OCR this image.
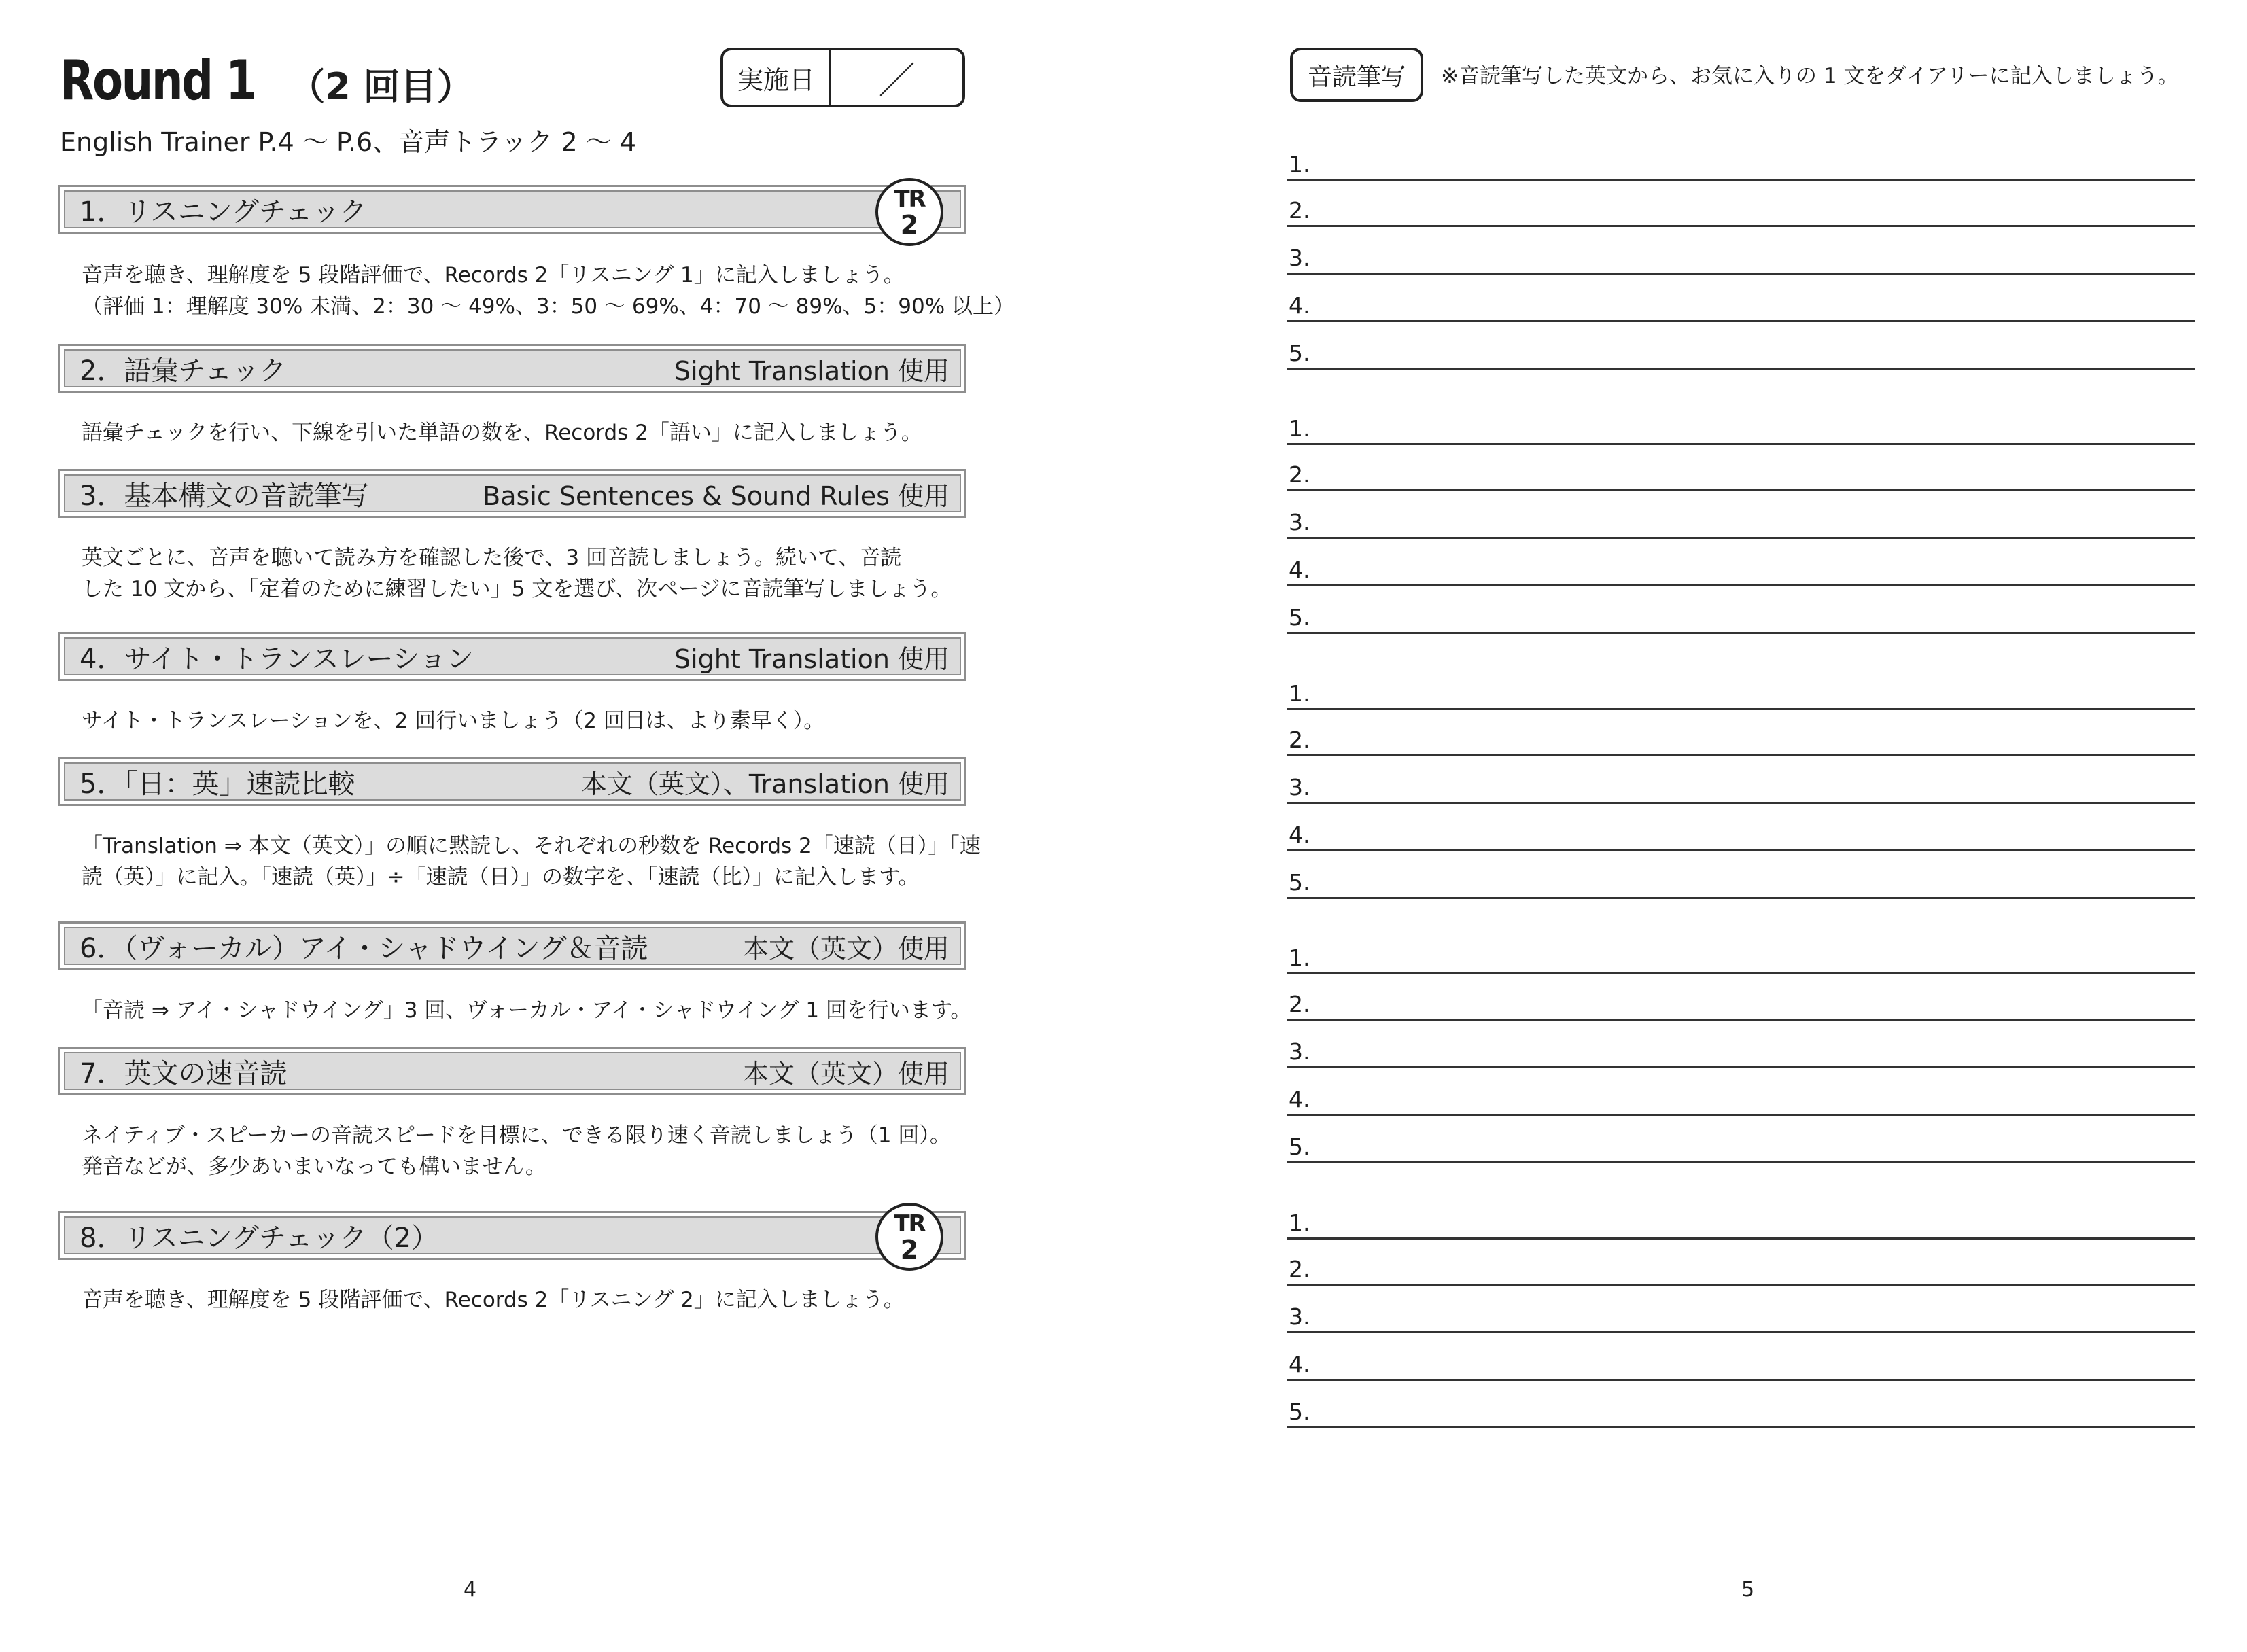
Round 1 （2 回目）
English Trainer P.4 ～ P.6、音声トラック 2 ～ 4
実施日	／
1．リスニングチェック	TR
2
音声を聴き、理解度を 5 段階評価で、Records 2「リスニング 1」に記入しましょう。
（評価 1：理解度 30% 未満、2：30 ～ 49%、3：50 ～ 69%、4：70 ～ 89%、5：90% 以上）
2．語彙チェック	Sight Translation 使用
語彙チェックを行い、下線を引いた単語の数を、Records 2「語い」に記入しましょう。
3．基本構文の音読筆写	Basic Sentences & Sound Rules 使用
英文ごとに、音声を聴いて読み方を確認した後で、3 回音読しましょう。続いて、音読
した 10 文から、「定着のために練習したい」5 文を選び、次ページに音読筆写しましょう。
4．サイト・トランスレーション	Sight Translation 使用
サイト・トランスレーションを、2 回行いましょう（2 回目は、より素早く）。
5．「日：英」速読比較	本文（英文）、Translation 使用
「Translation ⇒ 本文（英文）」の順に黙読し、それぞれの秒数を Records 2「速読（日）」「速
読（英）」に記入。「速読（英）」÷「速読（日）」の数字を、「速読（比）」に記入します。
6．（ヴォーカル）アイ・シャドウイング＆音読	本文（英文）使用
「音読 ⇒ アイ・シャドウイング」3 回、ヴォーカル・アイ・シャドウイング 1 回を行います。
7．英文の速音読	本文（英文）使用
ネイティブ・スピーカーの音読スピードを目標に、できる限り速く音読しましょう（1 回）。
発音などが、多少あいまいなっても構いません。
8．リスニングチェック（2）	TR
2
音声を聴き、理解度を 5 段階評価で、Records 2「リスニング 2」に記入しましょう。
4
音読筆写	※音読筆写した英文から、お気に入りの 1 文をダイアリーに記入しましょう。
1.
2.
3.
4.
5.
1.
2.
3.
4.
5.
1.
2.
3.
4.
5.
1.
2.
3.
4.
5.
1.
2.
3.
4.
5.
5
